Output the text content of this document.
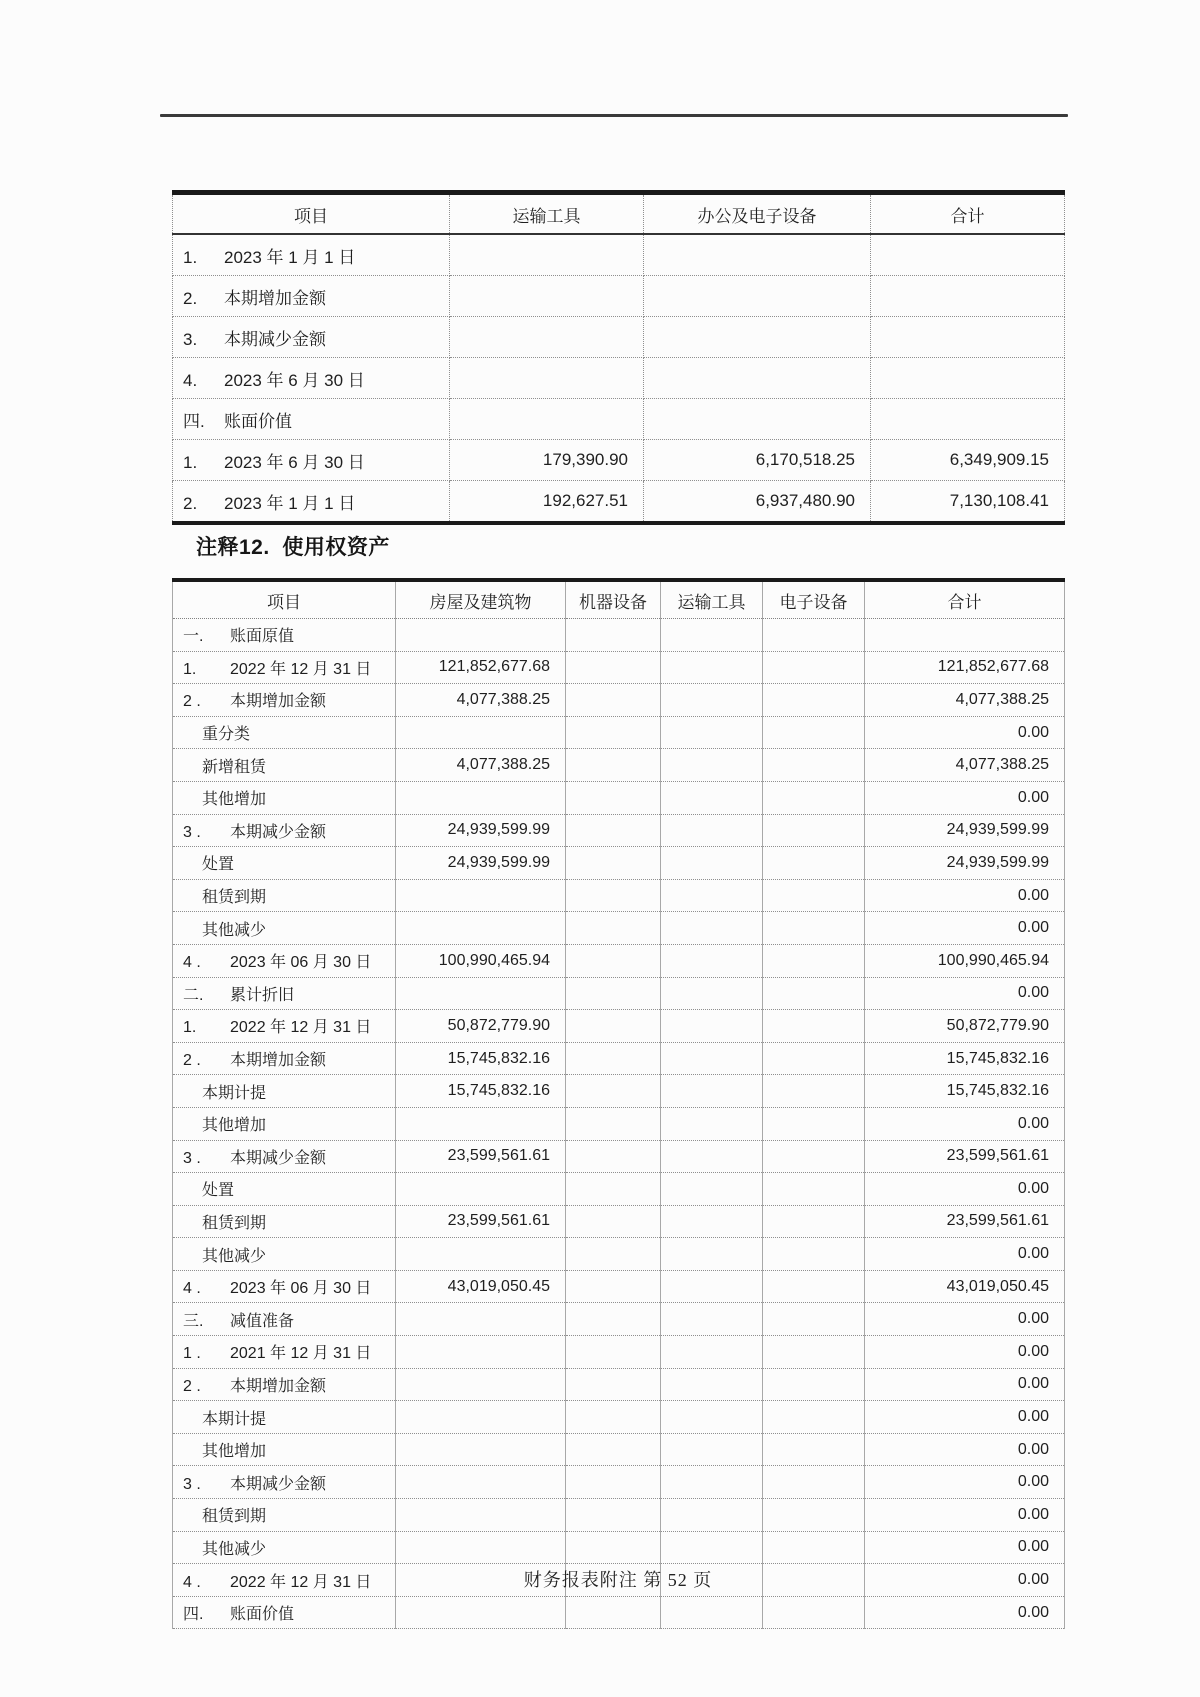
项目	运输工具	办公及电子设备	合计
1. 2023 年 1 月 1 日			
2. 本期增加金额			
3. 本期减少金额			
4. 2023 年 6 月 30 日			
四. 账面价值			
1. 2023 年 6 月 30 日	179,390.90	6,170,518.25	6,349,909.15
2. 2023 年 1 月 1 日	192,627.51	6,937,480.90	7,130,108.41
注释12.  使用权资产
项目	房屋及建筑物	机器设备	运输工具	电子设备	合计
一. 账面原值					
1. 2022 年 12 月 31 日	121,852,677.68				121,852,677.68
2 . 本期增加金额	4,077,388.25				4,077,388.25
重分类					0.00
新增租赁	4,077,388.25				4,077,388.25
其他增加					0.00
3 . 本期减少金额	24,939,599.99				24,939,599.99
处置	24,939,599.99				24,939,599.99
租赁到期					0.00
其他减少					0.00
4 . 2023 年 06 月 30 日	100,990,465.94				100,990,465.94
二. 累计折旧					0.00
1. 2022 年 12 月 31 日	50,872,779.90				50,872,779.90
2 . 本期增加金额	15,745,832.16				15,745,832.16
本期计提	15,745,832.16				15,745,832.16
其他增加					0.00
3 . 本期减少金额	23,599,561.61				23,599,561.61
处置					0.00
租赁到期	23,599,561.61				23,599,561.61
其他减少					0.00
4 . 2023 年 06 月 30 日	43,019,050.45				43,019,050.45
三. 减值准备					0.00
1 . 2021 年 12 月 31 日					0.00
2 . 本期增加金额					0.00
本期计提					0.00
其他增加					0.00
3 . 本期减少金额					0.00
租赁到期					0.00
其他减少					0.00
4 . 2022 年 12 月 31 日					0.00
四. 账面价值					0.00
财务报表附注 第 52 页
